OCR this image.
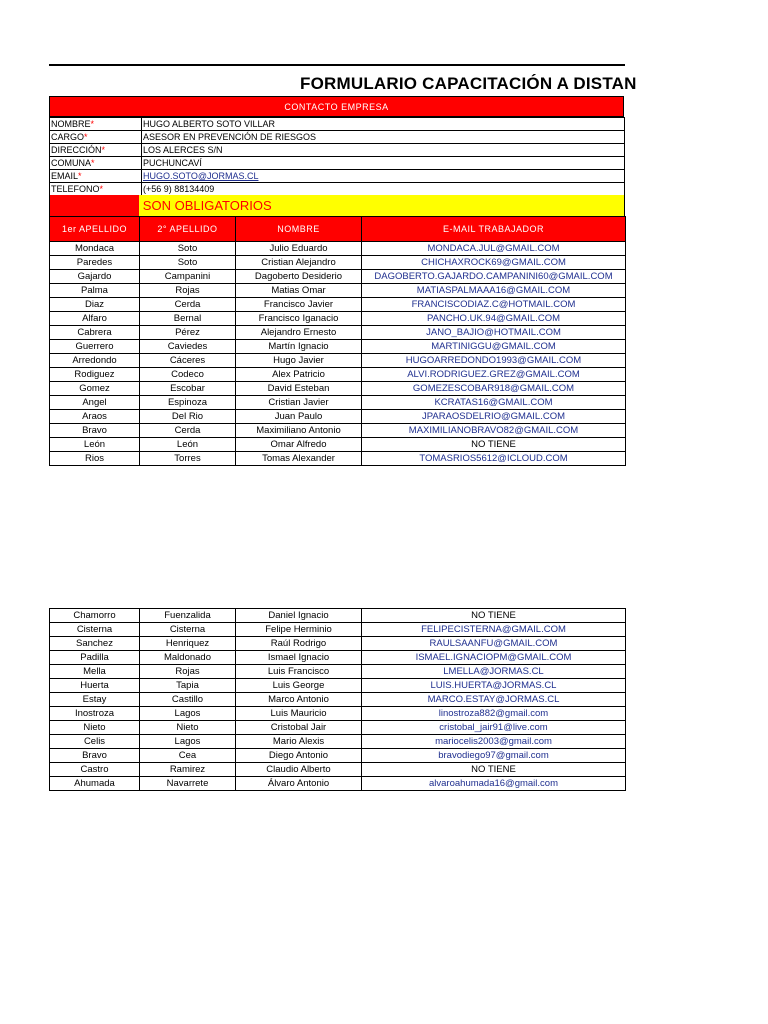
FORMULARIO CAPACITACIÓN A DISTAN
CONTACTO EMPRESA
NOMBRE*	HUGO ALBERTO SOTO VILLAR
CARGO*	ASESOR EN PREVENCIÓN DE RIESGOS
DIRECCIÓN*	LOS ALERCES S/N
COMUNA*	PUCHUNCAVÍ
EMAIL*	HUGO.SOTO@JORMAS.CL
TELEFONO*	(+56 9) 88134409
ATOS SON OBLIGATORIOS
1er APELLIDO	2° APELLIDO	NOMBRE	E-MAIL TRABAJADOR
Mondaca	Soto	Julio Eduardo	MONDACA.JUL@GMAIL.COM
Paredes	Soto	Cristian Alejandro	CHICHAXROCK69@GMAIL.COM
Gajardo	Campanini	Dagoberto Desiderio	DAGOBERTO.GAJARDO.CAMPANINI60@GMAIL.COM
Palma	Rojas	Matias Omar	MATIASPALMAAA16@GMAIL.COM
Diaz	Cerda	Francisco Javier	FRANCISCODIAZ.C@HOTMAIL.COM
Alfaro	Bernal	Francisco Iganacio	PANCHO.UK.94@GMAIL.COM
Cabrera	Pérez	Alejandro Ernesto	JANO_BAJIO@HOTMAIL.COM
Guerrero	Caviedes	Martín Ignacio	MARTINIGGU@GMAIL.COM
Arredondo	Cáceres	Hugo Javier	HUGOARREDONDO1993@GMAIL.COM
Rodiguez	Codeco	Alex Patricio	ALVI.RODRIGUEZ.GREZ@GMAIL.COM
Gomez	Escobar	David Esteban	GOMEZESCOBAR918@GMAIL.COM
Angel	Espinoza	Cristian Javier	KCRATAS16@GMAIL.COM
Araos	Del Rio	Juan Paulo	JPARAOSDELRIO@GMAIL.COM
Bravo	Cerda	Maximiliano Antonio	MAXIMILIANOBRAVO82@GMAIL.COM
León	León	Omar Alfredo	NO TIENE
Rios	Torres	Tomas Alexander	TOMASRIOS5612@ICLOUD.COM
Chamorro	Fuenzalida	Daniel Ignacio	NO TIENE
Cisterna	Cisterna	Felipe Herminio	FELIPECISTERNA@GMAIL.COM
Sanchez	Henriquez	Raúl Rodrigo	RAULSAANFU@GMAIL.COM
Padilla	Maldonado	Ismael Ignacio	ISMAEL.IGNACIOPM@GMAIL.COM
Mella	Rojas	Luis Francisco	LMELLA@JORMAS.CL
Huerta	Tapia	Luis George	LUIS.HUERTA@JORMAS.CL
Estay	Castillo	Marco Antonio	MARCO.ESTAY@JORMAS.CL
Inostroza	Lagos	Luis Mauricio	linostroza882@gmail.com
Nieto	Nieto	Cristobal Jair	cristobal_jair91@live.com
Celis	Lagos	Mario Alexis	mariocelis2003@gmail.com
Bravo	Cea	Diego Antonio	bravodiego97@gmail.com
Castro	Ramirez	Claudio Alberto	NO TIENE
Ahumada	Navarrete	Álvaro Antonio	alvaroahumada16@gmail.com
